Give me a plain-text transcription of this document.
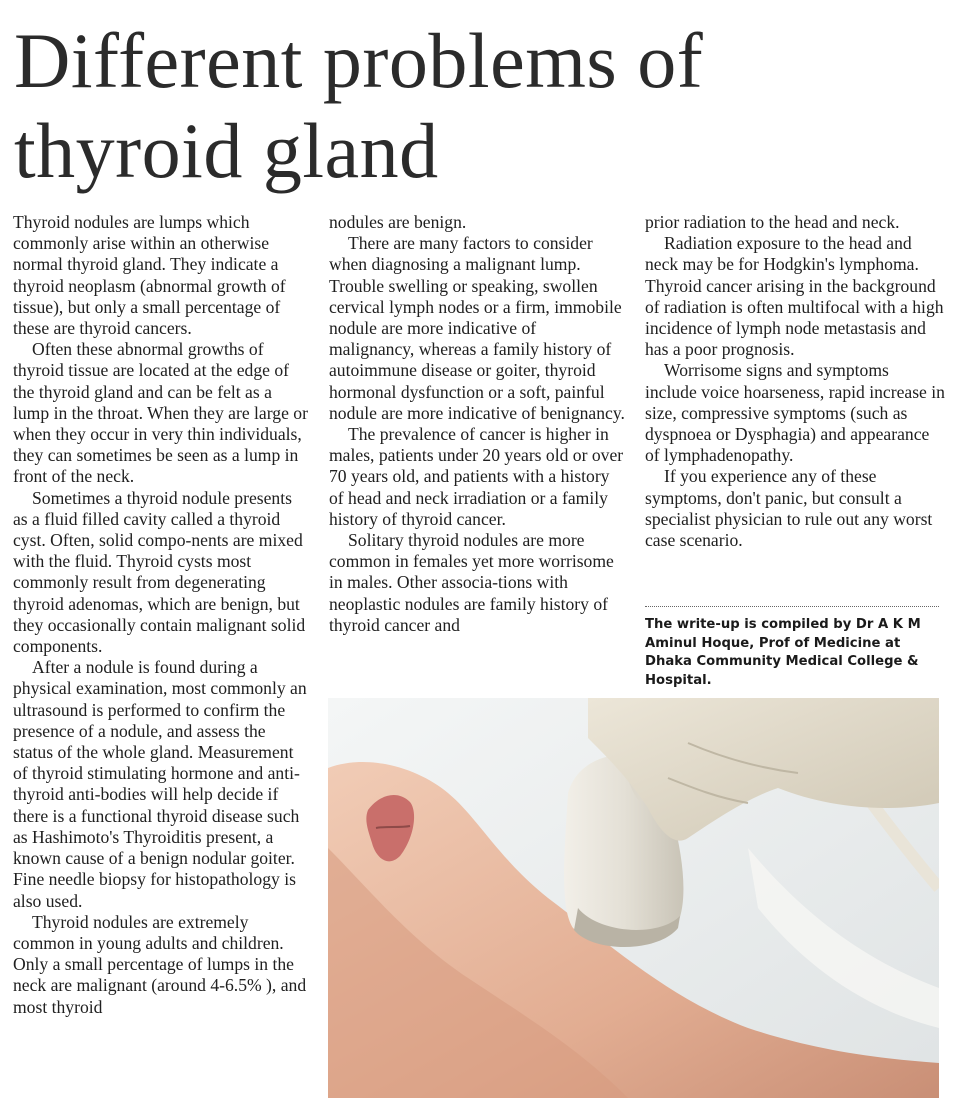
Different problems of
thyroid gland

Thyroid nodules are lumps which commonly arise within an otherwise normal thyroid gland. They indicate a thyroid neoplasm (abnormal growth of tissue), but only a small percentage of these are thyroid cancers.

Often these abnormal growths of thyroid tissue are located at the edge of the thyroid gland and can be felt as a lump in the throat. When they are large or when they occur in very thin individuals, they can sometimes be seen as a lump in front of the neck.

Sometimes a thyroid nodule presents as a fluid filled cavity called a thyroid cyst. Often, solid compo-nents are mixed with the fluid. Thyroid cysts most commonly result from degenerating thyroid adenomas, which are benign, but they occasionally contain malignant solid components.

After a nodule is found during a physical examination, most commonly an ultrasound is performed to confirm the presence of a nodule, and assess the status of the whole gland. Measurement of thyroid stimulating hormone and anti-thyroid anti-bodies will help decide if there is a functional thyroid disease such as Hashimoto's Thyroiditis present, a known cause of a benign nodular goiter. Fine needle biopsy for histopathology is also used.

Thyroid nodules are extremely common in young adults and children. Only a small percentage of lumps in the neck are malignant (around 4-6.5% ), and most thyroid

nodules are benign.

There are many factors to consider when diagnosing a malignant lump. Trouble swelling or speaking, swollen cervical lymph nodes or a firm, immobile nodule are more indicative of malignancy, whereas a family history of autoimmune disease or goiter, thyroid hormonal dysfunction or a soft, painful nodule are more indicative of benignancy.

The prevalence of cancer is higher in males, patients under 20 years old or over 70 years old, and patients with a history of head and neck irradiation or a family history of thyroid cancer.

Solitary thyroid nodules are more common in females yet more worrisome in males. Other associa-tions with neoplastic nodules are family history of thyroid cancer and

prior radiation to the head and neck.

Radiation exposure to the head and neck may be for Hodgkin's lymphoma. Thyroid cancer arising in the background of radiation is often multifocal with a high incidence of lymph node metastasis and has a poor prognosis.

Worrisome signs and symptoms include voice hoarseness, rapid increase in size, compressive symptoms (such as dyspnoea or Dysphagia) and appearance of lymphadenopathy.

If you experience any of these symptoms, don't panic, but consult a specialist physician to rule out any worst case scenario.

The write-up is compiled by Dr A K M Aminul Hoque, Prof of Medicine at Dhaka Community Medical College & Hospital.
